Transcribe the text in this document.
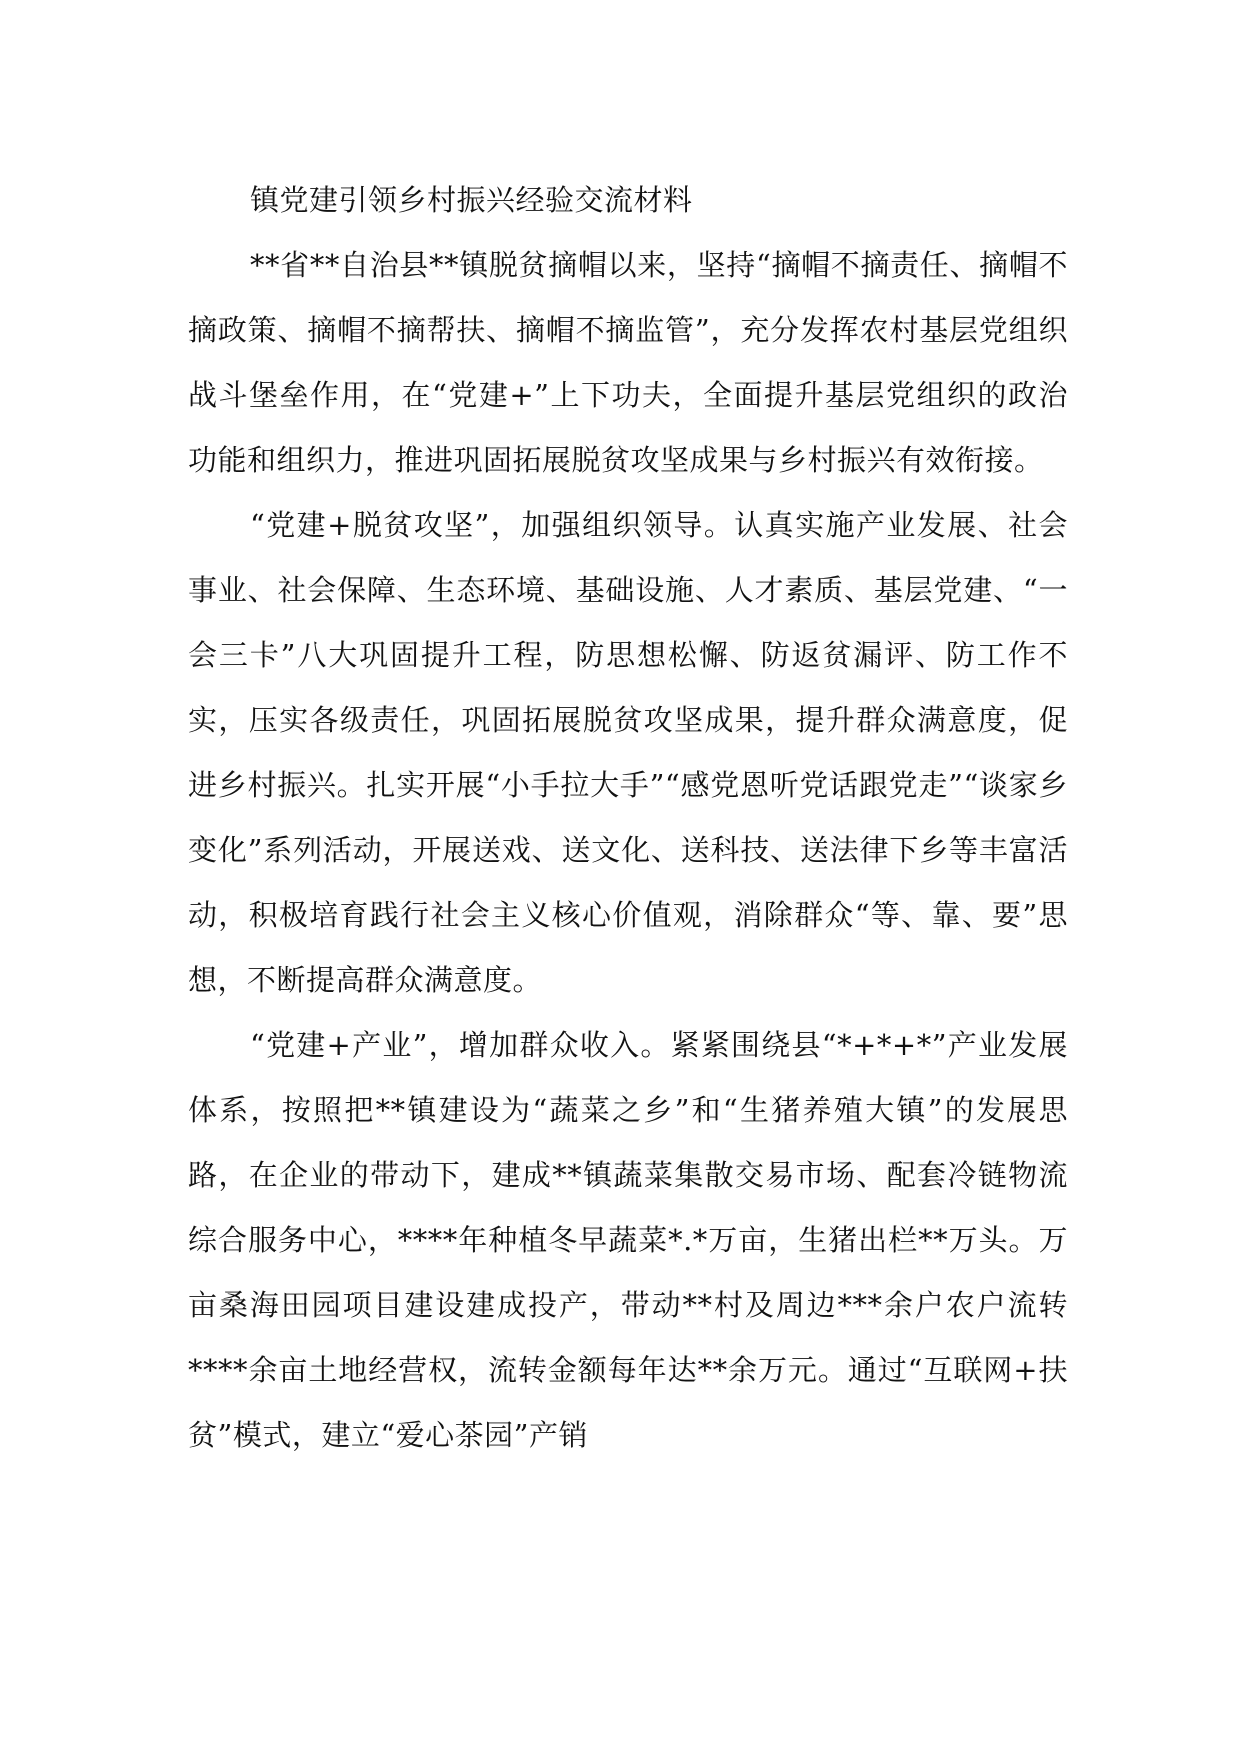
镇党建引领乡村振兴经验交流材料

**省**自治县**镇脱贫摘帽以来，坚持“摘帽不摘责任、摘帽不摘政策、摘帽不摘帮扶、摘帽不摘监管”，充分发挥农村基层党组织战斗堡垒作用，在“党建+”上下功夫，全面提升基层党组织的政治功能和组织力，推进巩固拓展脱贫攻坚成果与乡村振兴有效衔接。

“党建+脱贫攻坚”，加强组织领导。认真实施产业发展、社会事业、社会保障、生态环境、基础设施、人才素质、基层党建、“一会三卡”八大巩固提升工程，防思想松懈、防返贫漏评、防工作不实，压实各级责任，巩固拓展脱贫攻坚成果，提升群众满意度，促进乡村振兴。扎实开展“小手拉大手”“感党恩听党话跟党走”“谈家乡变化”系列活动，开展送戏、送文化、送科技、送法律下乡等丰富活动，积极培育践行社会主义核心价值观，消除群众“等、靠、要”思想，不断提高群众满意度。

“党建+产业”，增加群众收入。紧紧围绕县“*+*+*”产业发展体系，按照把**镇建设为“蔬菜之乡”和“生猪养殖大镇”的发展思路，在企业的带动下，建成**镇蔬菜集散交易市场、配套冷链物流综合服务中心，****年种植冬早蔬菜*.*万亩，生猪出栏**万头。万亩桑海田园项目建设建成投产，带动**村及周边***余户农户流转****余亩土地经营权，流转金额每年达**余万元。通过“互联网+扶贫”模式，建立“爱心茶园”产销
